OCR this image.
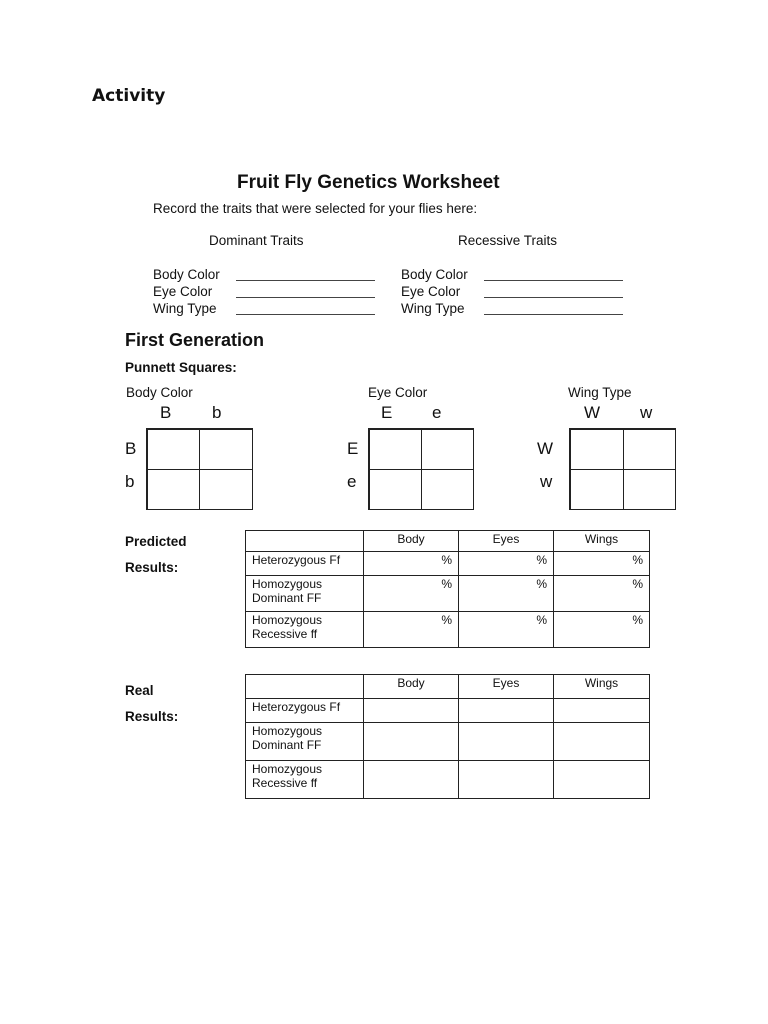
Activity
Fruit Fly Genetics Worksheet
Record the traits that were selected for your flies here:
Dominant Traits	Recessive Traits
Body Color
Eye Color
Wing Type
Body Color
Eye Color
Wing Type
First Generation
Punnett Squares:
Body Color
B b
B
b
Eye Color
E e
E
e
Wing Type
W w
W
w
Predicted
Results:
	Body	Eyes	Wings
Heterozygous Ff	%	%	%
Homozygous Dominant FF	%	%	%
Homozygous Recessive ff	%	%	%
Real
Results:
	Body	Eyes	Wings
Heterozygous Ff			
Homozygous Dominant FF			
Homozygous Recessive ff			
